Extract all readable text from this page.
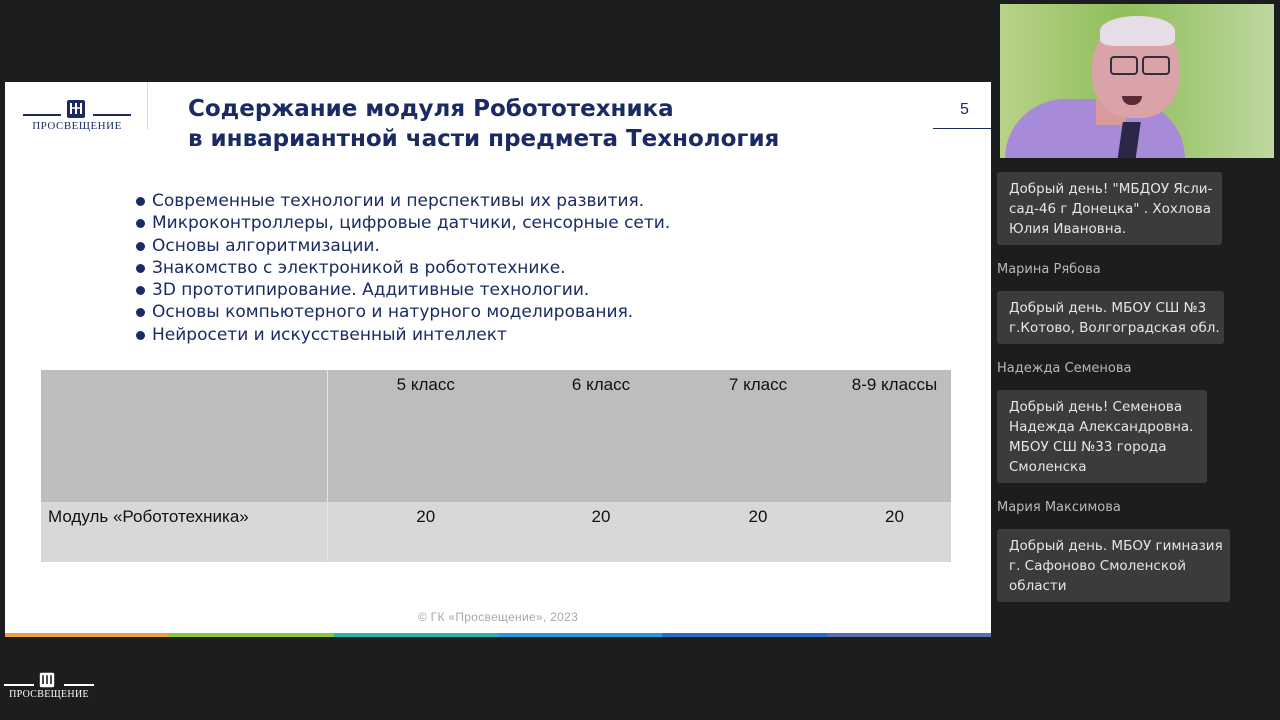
ПРОСВЕЩЕНИЕ
Содержание модуля Робототехника
в инвариантной части предмета Технология
5
Современные технологии и перспективы их развития.
Микроконтроллеры, цифровые датчики, сенсорные сети.
Основы алгоритмизации.
Знакомство с электроникой в робототехнике.
3D прототипирование. Аддитивные технологии.
Основы компьютерного и натурного моделирования.
Нейросети и искусственный интеллект
	5 класс	6 класс	7 класс	8-9 классы
Модуль «Робототехника»	20	20	20	20
© ГК «Просвещение», 2023
Добрый день! "МБДОУ Ясли-
сад-46 г Донецка" . Хохлова
Юлия Ивановна.
Марина Рябова
Добрый день. МБОУ СШ №3
г.Котово, Волгоградская обл.
Надежда Семенова
Добрый день! Семенова
Надежда Александровна.
МБОУ СШ №33 города
Смоленска
Мария Максимова
Добрый день. МБОУ гимназия
г. Сафоново Смоленской
области
ПРОСВЕЩЕНИЕ
